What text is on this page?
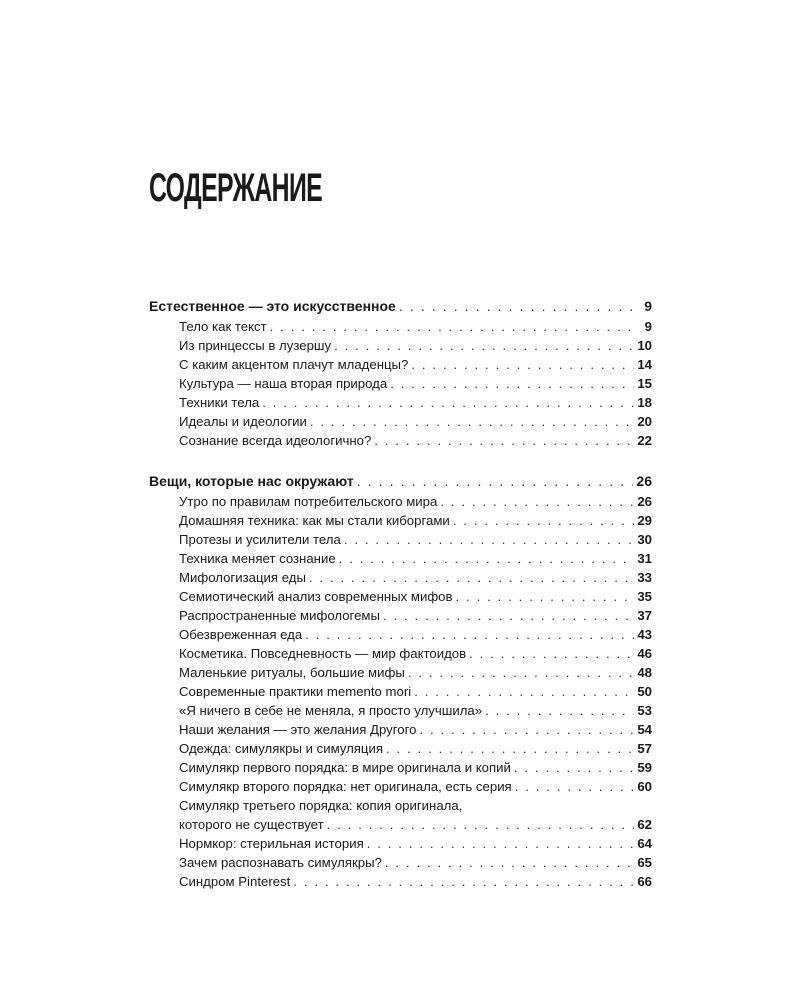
СОДЕРЖАНИЕ
Естественное — это искусственное . . .	9
Тело как текст . . .	9
Из принцессы в лузершу . . .	10
С каким акцентом плачут младенцы? . . .	14
Культура — наша вторая природа . . .	15
Техники тела . . .	18
Идеалы и идеологии . . .	20
Сознание всегда идеологично? . . .	22
Вещи, которые нас окружают . . .	26
Утро по правилам потребительского мира . . .	26
Домашняя техника: как мы стали киборгами . . .	29
Протезы и усилители тела . . .	30
Техника меняет сознание . . .	31
Мифологизация еды . . .	33
Семиотический анализ современных мифов . . .	35
Распространенные мифологемы . . .	37
Обезвреженная еда . . .	43
Косметика. Повседневность — мир фактоидов . . .	46
Маленькие ритуалы, большие мифы . . .	48
Современные практики memento mori . . .	50
«Я ничего в себе не меняла, я просто улучшила» . . .	53
Наши желания — это желания Другого . . .	54
Одежда: симулякры и симуляция . . .	57
Симулякр первого порядка: в мире оригинала и копий . . .	59
Симулякр второго порядка: нет оригинала, есть серия . . .	60
Симулякр третьего порядка: копия оригинала,
которого не существует . . .	62
Нормкор: стерильная история . . .	64
Зачем распознавать симулякры? . . .	65
Синдром Pinterest . . .	66
